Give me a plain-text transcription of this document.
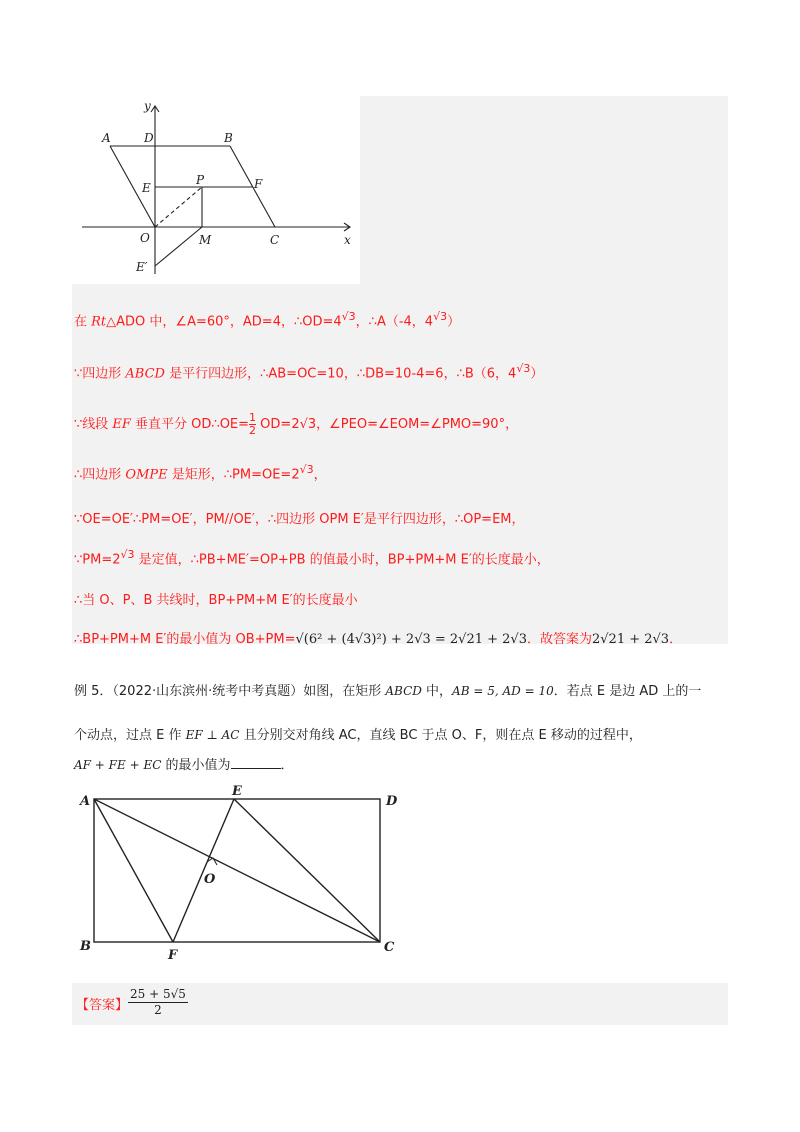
y
x
A	D	B
E
P	F
O	M	C
E′
在 Rt△ADO 中，∠A=60°，AD=4，$\therefore OD=4^{√3}$，∴A（-4，$4^{√3}$）
∵四边形 ABCD 是平行四边形，∴AB=OC=10，∴DB=10-4=6，∴B（6，$4^{√3}$）
∵线段 EF 垂直平分 OD∴OE= $\frac{1}{2} OD=2√3$，∠PEO=∠EOM=∠PMO=90°，
∴四边形 OMPE 是矩形，$\therefore PM=OE=2^{√3}$，
∵OE=OE′∴PM=OE′，PM//OE′，∴四边形 OPM E′是平行四边形，∴OP=EM，
$\because PM=2^{√3}$ 是定值，∴PB+ME′=OP+PB 的值最小时，BP+PM+M E′的长度最小，
∴当 O、P、B 共线时，BP+PM+M E′的长度最小
∴BP+PM+M E′的最小值为 OB+PM=√(6² + (4√3)²) + 2√3 = 2√21 + 2√3．故答案为2√21 + 2√3．
例 5．（2022·山东滨州·统考中考真题）如图，在矩形 ABCD 中，AB = 5, AD = 10．若点 E 是边 AD 上的一
个动点，过点 E 作 EF ⊥ AC 且分别交对角线 AC，直线 BC 于点 O、F，则在点 E 移动的过程中，
AF + FE + EC 的最小值为	．
A
E
D
O
B
F
C
【答案】
25 + 5√5
2
